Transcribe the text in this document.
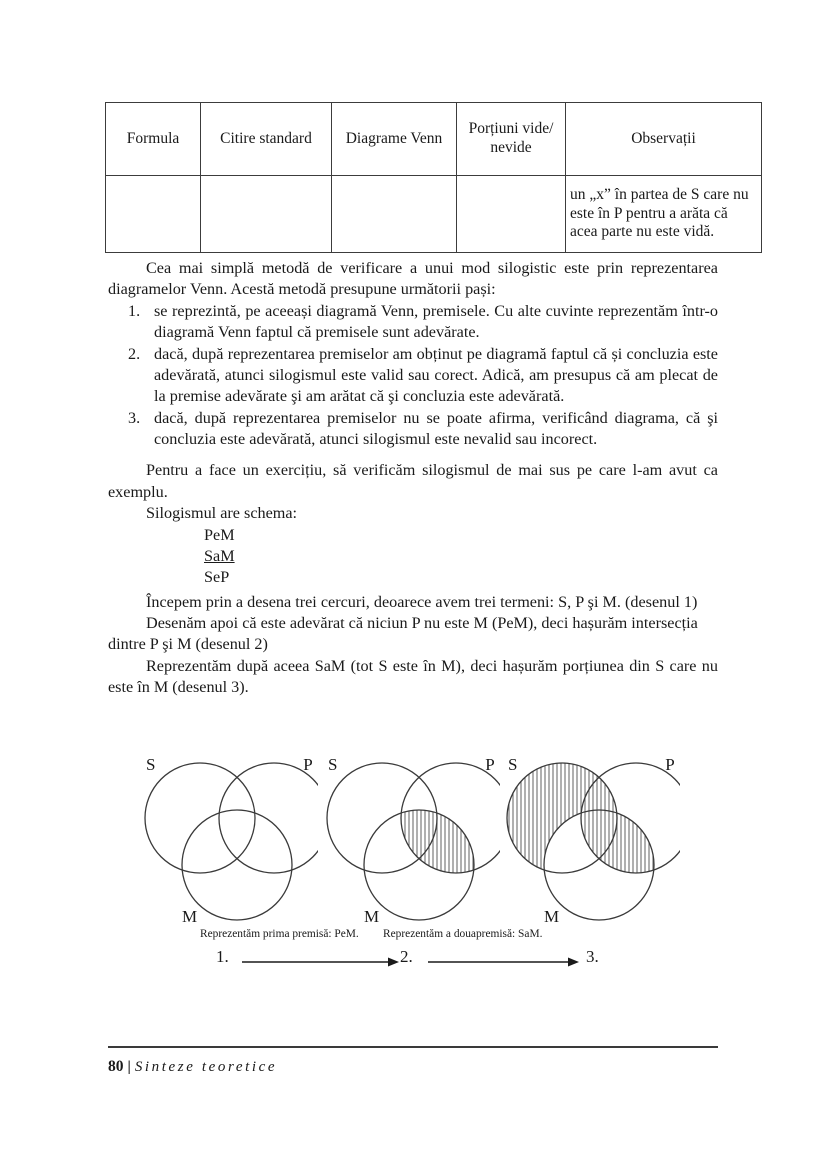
Formula	Citire standard	Diagrame Venn	Porțiuni vide/ nevide	Observații
				un „x” în partea de S care nu este în P pentru a arăta că acea parte nu este vidă.

Cea mai simplă metodă de verificare a unui mod silogistic este prin reprezentarea diagramelor Venn. Acestă metodă presupune următorii pași:

1. se reprezintă, pe aceeași diagramă Venn, premisele. Cu alte cuvinte reprezentăm într-o diagramă Venn faptul că premisele sunt adevărate.
2. dacă, după reprezentarea premiselor am obținut pe diagramă faptul că și concluzia este adevărată, atunci silogismul este valid sau corect. Adică, am presupus că am plecat de la premise adevărate şi am arătat că şi concluzia este adevărată.
3. dacă, după reprezentarea premiselor nu se poate afirma, verificând diagrama, că şi concluzia este adevărată, atunci silogismul este nevalid sau incorect.

Pentru a face un exercițiu, să verificăm silogismul de mai sus pe care l-am avut ca exemplu.

Silogismul are schema:

PeM
SaM
SeP

Începem prin a desena trei cercuri, deoarece avem trei termeni: S, P şi M. (desenul 1)

Desenăm apoi că este adevărat că niciun P nu este M (PeM), deci hașurăm intersecția dintre P şi M (desenul 2)

Reprezentăm după aceea SaM (tot S este în M), deci hașurăm porțiunea din S care nu este în M (desenul 3).

S	P
M
S	P
M
S	P
M
Reprezentăm prima premisă: PeM. Reprezentăm a douapremisă: SaM.
1.	2.	3.
80 | Sinteze teoretice
